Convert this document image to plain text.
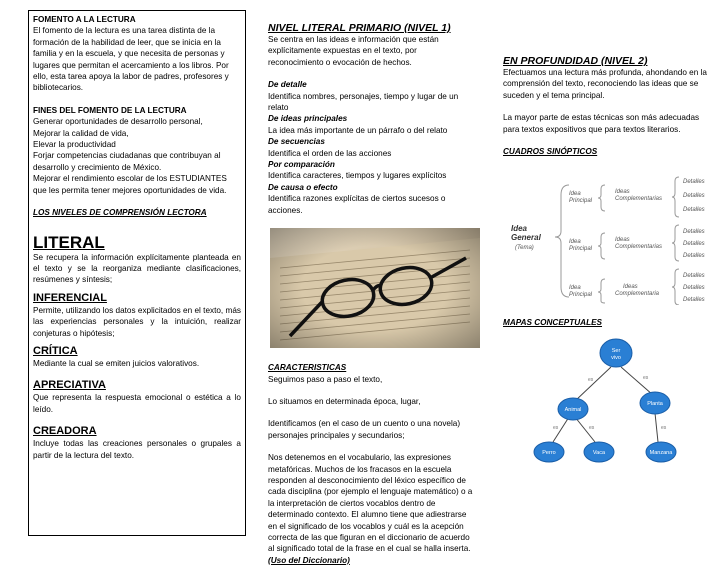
FOMENTO A LA LECTURA

El fomento de la lectura es una tarea distinta de la

formación de la habilidad de leer, que se inicia en la

familia y en la escuela, y que necesita de personas y

lugares que permitan el acercamiento a los libros. Por

ello, esta tarea apoya la labor de padres, profesores y

bibliotecarios.

FINES DEL FOMENTO DE LA LECTURA

Generar oportunidades de desarrollo personal,

Mejorar la calidad de vida,

Elevar la productividad

Forjar competencias ciudadanas que contribuyan al

desarrollo y crecimiento de México.

Mejorar el rendimiento escolar de los ESTUDIANTES

que les permita tener mejores oportunidades de vida.

LOS NIVELES DE COMPRENSIÓN LECTORA
LITERAL

Se recupera la información explícitamente planteada en el texto y se la reorganiza mediante clasificaciones, resúmenes y síntesis;

INFERENCIAL

Permite, utilizando los datos explicitados en el texto, más las experiencias personales y la intuición, realizar conjeturas o hipótesis;

CRÍTICA

Mediante la cual se emiten juicios valorativos.

APRECIATIVA

Que representa la respuesta emocional o estética a lo leído.

CREADORA

Incluye todas las creaciones personales o grupales a partir de la lectura del texto.

NIVEL LITERAL PRIMARIO (NIVEL 1)

Se centra en las ideas e información que están

explícitamente expuestas en el texto, por

reconocimiento o evocación de hechos.

De detalle

Identifica nombres, personajes, tiempo y lugar de un

relato

De ideas principales

La idea más importante de un párrafo o del relato

De secuencias

Identifica el orden de las acciones

Por comparación

Identifica caracteres, tiempos y lugares explícitos

De causa o efecto

Identifica razones explícitas de ciertos sucesos o

acciones.

CARACTERISTICAS

Seguimos paso a paso el texto,

Lo situamos en determinada época, lugar,

Identificamos (en el caso de un cuento o una novela)

personajes principales y secundarios;

Nos detenemos en el vocabulario, las expresiones

metafóricas. Muchos de los fracasos en la escuela

responden al desconocimiento del léxico específico de

cada disciplina (por ejemplo el lenguaje matemático) o a

la interpretación de ciertos vocablos dentro de

determinado contexto. El alumno tiene que adiestrarse

en el significado de los vocablos y cuál es la acepción

correcta de las que figuran en el diccionario de acuerdo

al significado total de la frase en el cual se halla inserta.

(Uso del Diccionario)
EN PROFUNDIDAD (NIVEL 2)

Efectuamos una lectura más profunda, ahondando en la

comprensión del texto, reconociendo las ideas que se

suceden y el tema principal.

La mayor parte de estas técnicas son más adecuadas

para textos expositivos que para textos literarios.

CUADROS SINÓPTICOS
Idea
General
(Tema)
Idea
Principal
Idea
Principal
Idea
Principal
Ideas
Complementarias
Ideas
Complementarias
Ideas
Complementaria
Detalles
Detalles
Detalles
Detalles
Detalles
Detalles
Detalles
Detalles
Detalles
MAPAS CONCEPTUALES
Ser
vivo
Animal
Planta
Perro	Vaca	Manzana
es	es
es	es	es
